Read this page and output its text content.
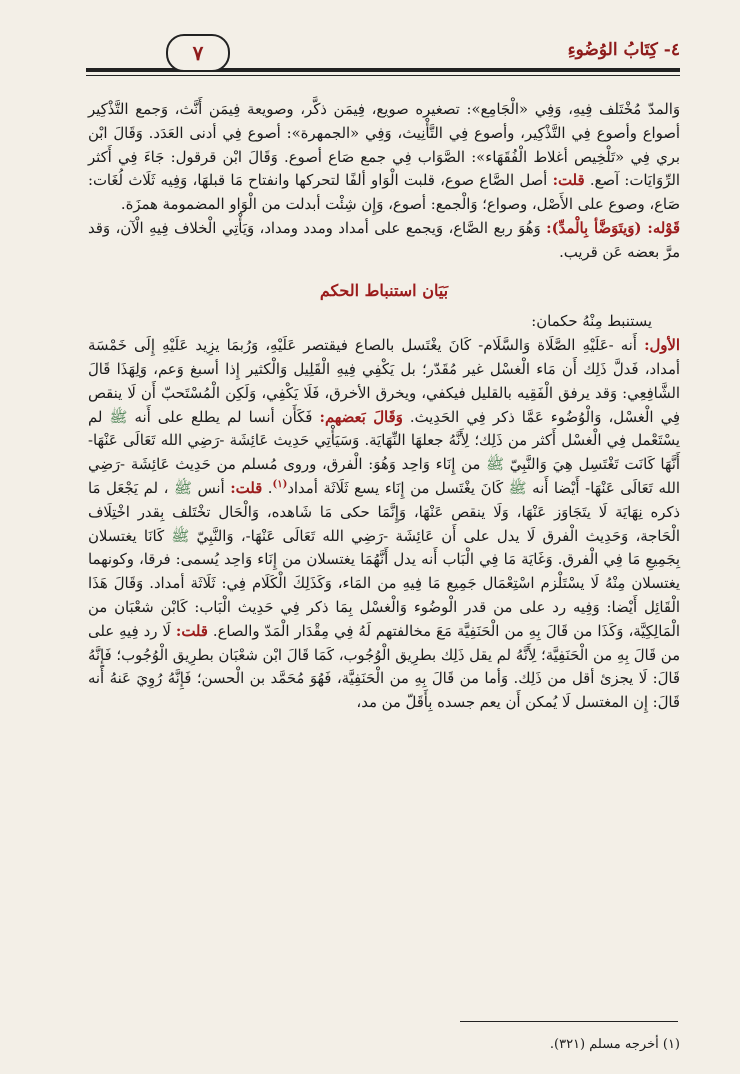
٤- كِتَابُ الوُضُوءِ
٧

وَالمدّ مُخْتَلف فِيهِ، وَفِي «الْجَامِع»: تصغيره صويع، فِيمَن ذكَّر، وصويعة فِيمَن أَنَّث، وَجمع التَّذْكِير أصواع وأصوع فِي التَّذْكِير، وأصوع فِي التَّأْنِيث، وَفِي «الجمهرة»: أصوع فِي أدنى العَدَد. وَقَالَ ابْن بري فِي «تَلْخِيص أغلاط الْفُقَهَاء»: الصَّوَاب فِي جمع صَاع أصوع. وَقَالَ ابْن قرقول: جَاءَ فِي أَكثر الرِّوَايَات: آصع. قلت: أصل الصَّاع صوع، قلبت الْوَاو ألفًا لتحركها وانفتاح مَا قبلهَا، وَفِيه ثَلَاث لُغَات: صَاع، وصوع على الأَصْل، وصواع؛ وَالْجمع: أصوع، وَإِن شِئْت أبدلت من الْوَاو المضمومة همزَة.

قَوْله: (وَيتَوَضَّأ بِالْمدِّ): وَهُوَ ربع الصَّاع، وَيجمع على أمداد ومدد ومداد، وَيَأْتِي الْخلاف فِيهِ الْآن، وَقد مرَّ بعضه عَن قريب.

بَيَان استنباط الحكم

يستنبط مِنْهُ حكمان:

الأول: أَنه -عَلَيْهِ الصَّلَاة وَالسَّلَام- كَانَ يغْتَسل بالصاع فيقتصر عَلَيْهِ، وَرُبمَا يزِيد عَلَيْهِ إِلَى خَمْسَة أمداد، فَدلَّ ذَلِك أَن مَاء الْغسْل غير مُقَدّر؛ بل يَكْفِي فِيهِ الْقَلِيل وَالْكثير إِذا أسبغ وَعم، وَلِهَذَا قَالَ الشَّافِعِي: وَقد يرفق الْفَقِيه بالقليل فيكفي، ويخرق الأخرق، فَلَا يَكْفِي، وَلَكِن الْمُسْتَحبّ أَن لَا ينقص فِي الْغسْل، وَالْوُضُوء عَمَّا ذكر فِي الحَدِيث. وَقَالَ بَعضهم: فَكَأَن أنسا لم يطلع على أَنه ﷺ لم يسْتَعْمل فِي الْغسْل أَكثر من ذَلِك؛ لِأَنَّهُ جعلهَا النِّهَايَة. وَسَيَأْتِي حَدِيث عَائِشَة -رَضِي الله تَعَالَى عَنْهَا- أَنَّهَا كَانَت تَغْتَسِل هِيَ وَالنَّبِيّ ﷺ من إِنَاء وَاحِد وَهُوَ: الْفرق، وروى مُسلم من حَدِيث عَائِشَة -رَضِي الله تَعَالَى عَنْهَا- أَيْضا أَنه ﷺ كَانَ يغْتَسل من إِنَاء يسع ثَلَاثَة أمداد$^{(١)}$. قلت: أنس ﷺ ، لم يَجْعَل مَا ذكره نِهَايَة لَا يتَجَاوَز عَنْهَا، وَلَا ينقص عَنْهَا، وَإِنَّمَا حكى مَا شَاهده، وَالْحَال تخْتَلف بِقدر اخْتِلَاف الْحَاجة، وَحَدِيث الْفرق لَا يدل على أَن عَائِشَة -رَضِي الله تَعَالَى عَنْهَا-، وَالنَّبِيّ ﷺ كَانَا يغتسلان بِجَمِيعِ مَا فِي الْفرق. وَغَايَة مَا فِي الْبَاب أَنه يدل أَنَّهُمَا يغتسلان من إِنَاء وَاحِد يُسمى: فرقا، وكونهما يغتسلان مِنْهُ لَا يسْتَلْزم اسْتِعْمَال جَمِيع مَا فِيهِ من المَاء، وَكَذَلِكَ الْكَلَام فِي: ثَلَاثَة أمداد. وَقَالَ هَذَا الْقَائِل أَيْضا: وَفِيه رد على من قدر الْوضُوء وَالْغسْل بِمَا ذكر فِي حَدِيث الْبَاب: كَابْن شعْبَان من الْمَالِكِيَّة، وَكَذَا من قَالَ بِهِ من الْحَنَفِيَّة مَعَ مخالفتهم لَهُ فِي مِقْدَار الْمَدّ والصاع. قلت: لَا رد فِيهِ على من قَالَ بِهِ من الْحَنَفِيَّة؛ لِأَنَّهُ لم يقل ذَلِك بطرِيق الْوُجُوب، كَمَا قَالَ ابْن شعْبَان بطرِيق الْوُجُوب؛ فَإِنَّهُ قَالَ: لَا يجزئ أقل من ذَلِك. وَأما من قَالَ بِهِ من الْحَنَفِيَّة، فَهُوَ مُحَمَّد بن الْحسن؛ فَإِنَّهُ رُوِيَ عَنهُ أَنه قَالَ: إِن المغتسل لَا يُمكن أَن يعم جسده بِأَقَلّ من مد،

(١) أخرجه مسلم (٣٢١).
